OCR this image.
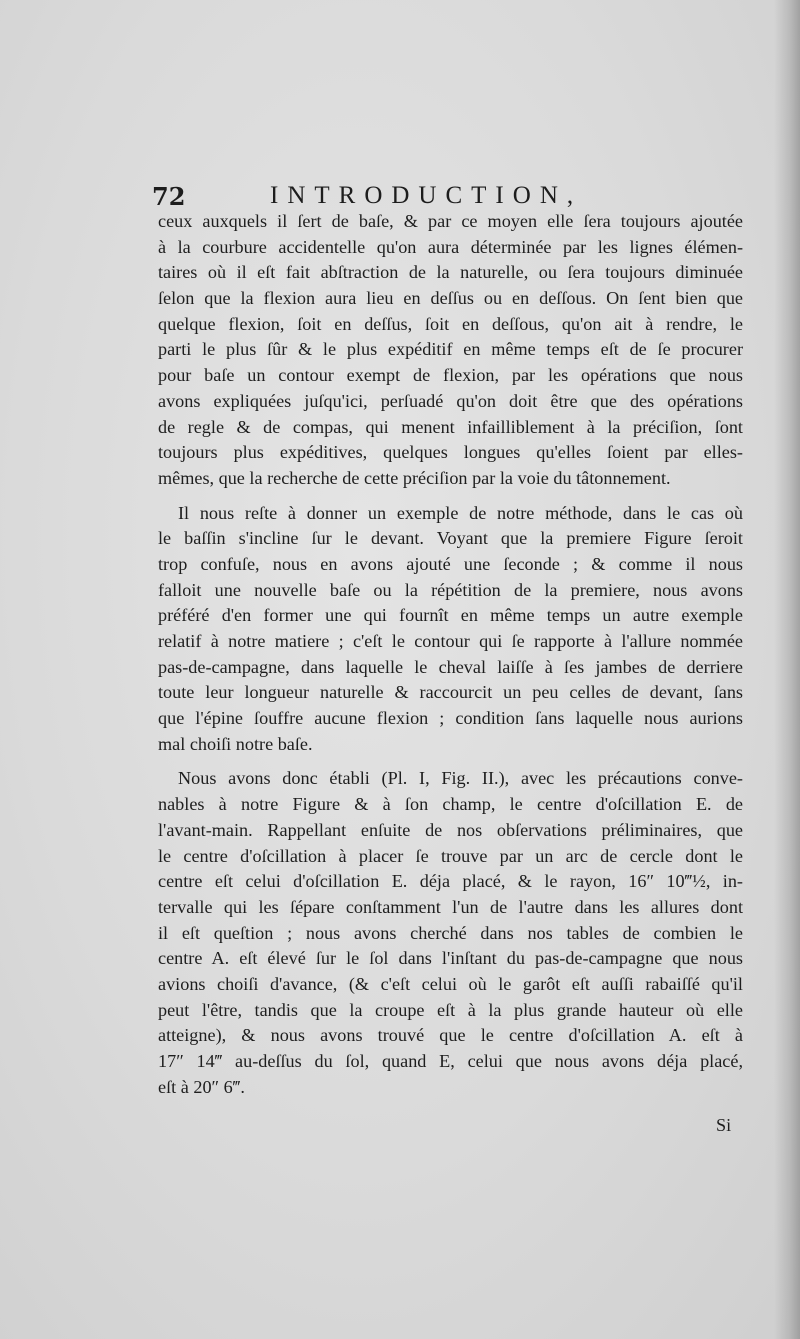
72	INTRODUCTION,
ceux auxquels il ſert de baſe, & par ce moyen elle ſera toujours ajoutée
à la courbure accidentelle qu'on aura déterminée par les lignes élémen-
taires où il eſt fait abſtraction de la naturelle, ou ſera toujours diminuée
ſelon que la flexion aura lieu en deſſus ou en deſſous. On ſent bien que
quelque flexion, ſoit en deſſus, ſoit en deſſous, qu'on ait à rendre, le
parti le plus ſûr & le plus expéditif en même temps eſt de ſe procurer
pour baſe un contour exempt de flexion, par les opérations que nous
avons expliquées juſqu'ici, perſuadé qu'on doit être que des opérations
de regle & de compas, qui menent infailliblement à la préciſion, ſont
toujours plus expéditives, quelques longues qu'elles ſoient par elles-
mêmes, que la recherche de cette préciſion par la voie du tâtonnement.
Il nous reſte à donner un exemple de notre méthode, dans le cas où
le baſſin s'incline ſur le devant. Voyant que la premiere Figure ſeroit
trop confuſe, nous en avons ajouté une ſeconde ; & comme il nous
falloit une nouvelle baſe ou la répétition de la premiere, nous avons
préféré d'en former une qui fournît en même temps un autre exemple
relatif à notre matiere ; c'eſt le contour qui ſe rapporte à l'allure nommée
pas-de-campagne, dans laquelle le cheval laiſſe à ſes jambes de derriere
toute leur longueur naturelle & raccourcit un peu celles de devant, ſans
que l'épine ſouffre aucune flexion ; condition ſans laquelle nous aurions
mal choiſi notre baſe.
Nous avons donc établi (Pl. I, Fig. II.), avec les précautions conve-
nables à notre Figure & à ſon champ, le centre d'oſcillation E. de
l'avant-main. Rappellant enſuite de nos obſervations préliminaires, que
le centre d'oſcillation à placer ſe trouve par un arc de cercle dont le
centre eſt celui d'oſcillation E. déja placé, & le rayon, 16″ 10‴½, in-
tervalle qui les ſépare conſtamment l'un de l'autre dans les allures dont
il eſt queſtion ; nous avons cherché dans nos tables de combien le
centre A. eſt élevé ſur le ſol dans l'inſtant du pas-de-campagne que nous
avions choiſi d'avance, (& c'eſt celui où le garôt eſt auſſi rabaiſſé qu'il
peut l'être, tandis que la croupe eſt à la plus grande hauteur où elle
atteigne), & nous avons trouvé que le centre d'oſcillation A. eſt à
17″ 14‴ au-deſſus du ſol, quand E, celui que nous avons déja placé,
eſt à 20″ 6‴.
Si
